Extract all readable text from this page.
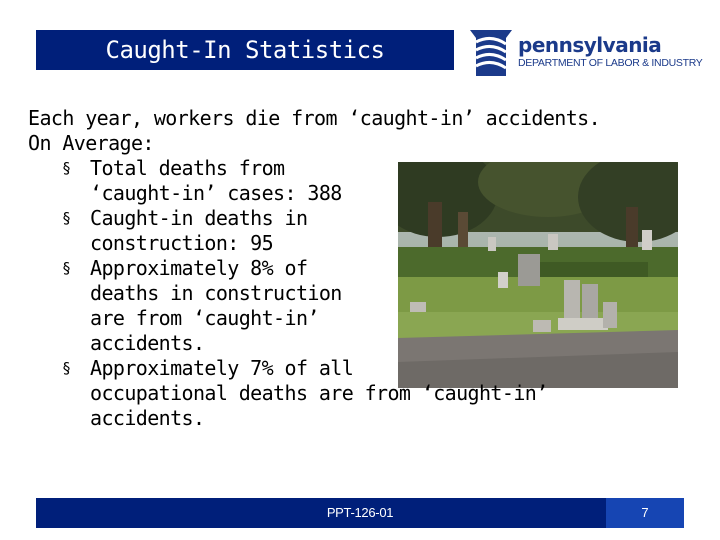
Caught-In Statistics	pennsylvania
DEPARTMENT OF LABOR & INDUSTRY

Each year, workers die from ‘caught-in’ accidents.

On Average:

§ Total deaths from
‘caught-in’ cases: 388
§ Caught-in deaths in
construction: 95
§ Approximately 8% of
deaths in construction
are from ‘caught-in’
accidents.
§ Approximately 7% of all
occupational deaths are from ‘caught-in’
accidents.
PPT-126-01	7
